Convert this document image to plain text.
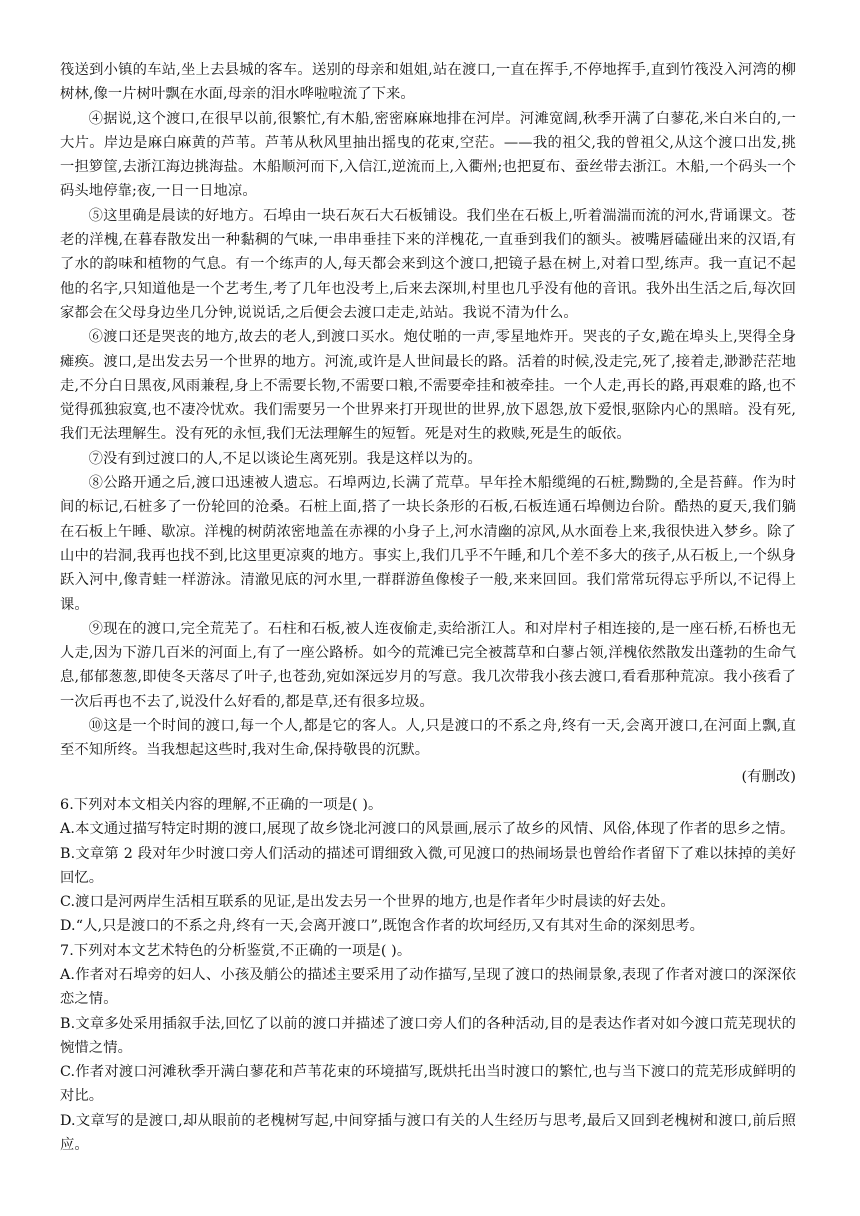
筏送到小镇的车站,坐上去县城的客车。送别的母亲和姐姐,站在渡口,一直在挥手,不停地挥手,直到竹筏没入河湾的柳树林,像一片树叶飘在水面,母亲的泪水哗啦啦流了下来。

④据说,这个渡口,在很早以前,很繁忙,有木船,密密麻麻地排在河岸。河滩宽阔,秋季开满了白蓼花,米白米白的,一大片。岸边是麻白麻黄的芦苇。芦苇从秋风里抽出摇曳的花束,空茫。——我的祖父,我的曾祖父,从这个渡口出发,挑一担箩筐,去浙江海边挑海盐。木船顺河而下,入信江,逆流而上,入衢州;也把夏布、蚕丝带去浙江。木船,一个码头一个码头地停靠;夜,一日一日地凉。

⑤这里确是晨读的好地方。石埠由一块石灰石大石板铺设。我们坐在石板上,听着湍湍而流的河水,背诵课文。苍老的洋槐,在暮春散发出一种黏稠的气味,一串串垂挂下来的洋槐花,一直垂到我们的额头。被嘴唇磕碰出来的汉语,有了水的韵味和植物的气息。有一个练声的人,每天都会来到这个渡口,把镜子悬在树上,对着口型,练声。我一直记不起他的名字,只知道他是一个艺考生,考了几年也没考上,后来去深圳,村里也几乎没有他的音讯。我外出生活之后,每次回家都会在父母身边坐几分钟,说说话,之后便会去渡口走走,站站。我说不清为什么。

⑥渡口还是哭丧的地方,故去的老人,到渡口买水。炮仗啪的一声,零星地炸开。哭丧的子女,跪在埠头上,哭得全身瘫痪。渡口,是出发去另一个世界的地方。河流,或许是人世间最长的路。活着的时候,没走完,死了,接着走,渺渺茫茫地走,不分白日黑夜,风雨兼程,身上不需要长物,不需要口粮,不需要牵挂和被牵挂。一个人走,再长的路,再艰难的路,也不觉得孤独寂寞,也不凄冷忧欢。我们需要另一个世界来打开现世的世界,放下恩怨,放下爱恨,驱除内心的黑暗。没有死,我们无法理解生。没有死的永恒,我们无法理解生的短暂。死是对生的救赎,死是生的皈依。

⑦没有到过渡口的人,不足以谈论生离死别。我是这样以为的。

⑧公路开通之后,渡口迅速被人遗忘。石埠两边,长满了荒草。早年拴木船缆绳的石桩,黝黝的,全是苔藓。作为时间的标记,石桩多了一份轮回的沧桑。石桩上面,搭了一块长条形的石板,石板连通石埠侧边台阶。酷热的夏天,我们躺在石板上午睡、歇凉。洋槐的树荫浓密地盖在赤裸的小身子上,河水清幽的凉风,从水面卷上来,我很快进入梦乡。除了山中的岩洞,我再也找不到,比这里更凉爽的地方。事实上,我们几乎不午睡,和几个差不多大的孩子,从石板上,一个纵身跃入河中,像青蛙一样游泳。清澈见底的河水里,一群群游鱼像梭子一般,来来回回。我们常常玩得忘乎所以,不记得上课。

⑨现在的渡口,完全荒芜了。石柱和石板,被人连夜偷走,卖给浙江人。和对岸村子相连接的,是一座石桥,石桥也无人走,因为下游几百米的河面上,有了一座公路桥。如今的荒滩已完全被蒿草和白蓼占领,洋槐依然散发出蓬勃的生命气息,郁郁葱葱,即使冬天落尽了叶子,也苍劲,宛如深远岁月的写意。我几次带我小孩去渡口,看看那种荒凉。我小孩看了一次后再也不去了,说没什么好看的,都是草,还有很多垃圾。

⑩这是一个时间的渡口,每一个人,都是它的客人。人,只是渡口的不系之舟,终有一天,会离开渡口,在河面上飘,直至不知所终。当我想起这些时,我对生命,保持敬畏的沉默。

(有删改)

6.下列对本文相关内容的理解,不正确的一项是( )。

A.本文通过描写特定时期的渡口,展现了故乡饶北河渡口的风景画,展示了故乡的风情、风俗,体现了作者的思乡之情。

B.文章第 2 段对年少时渡口旁人们活动的描述可谓细致入微,可见渡口的热闹场景也曾给作者留下了难以抹掉的美好回忆。

C.渡口是河两岸生活相互联系的见证,是出发去另一个世界的地方,也是作者年少时晨读的好去处。

D.“人,只是渡口的不系之舟,终有一天,会离开渡口”,既饱含作者的坎坷经历,又有其对生命的深刻思考。

7.下列对本文艺术特色的分析鉴赏,不正确的一项是( )。

A.作者对石埠旁的妇人、小孩及艄公的描述主要采用了动作描写,呈现了渡口的热闹景象,表现了作者对渡口的深深依恋之情。

B.文章多处采用插叙手法,回忆了以前的渡口并描述了渡口旁人们的各种活动,目的是表达作者对如今渡口荒芜现状的惋惜之情。

C.作者对渡口河滩秋季开满白蓼花和芦苇花束的环境描写,既烘托出当时渡口的繁忙,也与当下渡口的荒芜形成鲜明的对比。

D.文章写的是渡口,却从眼前的老槐树写起,中间穿插与渡口有关的人生经历与思考,最后又回到老槐树和渡口,前后照应。
